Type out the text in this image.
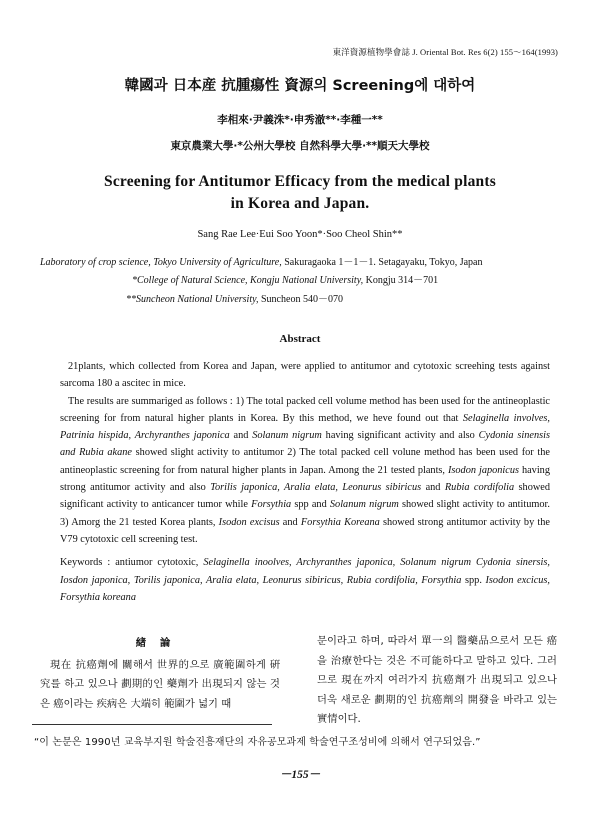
東洋資源植物學會誌 J. Oriental Bot. Res 6(2) 155～164(1993)
韓國과 日本産 抗腫瘍性 資源의 Screening에 대하여
李相來·尹義洙*·申秀澈**·李種一**
東京農業大學·*公州大學校 自然科學大學·**順天大學校
Screening for Antitumor Efficacy from the medical plants
in Korea and Japan.
Sang Rae Lee·Eui Soo Yoon*·Soo Cheol Shin**
Laboratory of crop science, Tokyo University of Agriculture, Sakuragaoka 1－1－1. Setagayaku, Tokyo, Japan
*College of Natural Science, Kongju National University, Kongju 314－701
**Suncheon National University, Suncheon 540－070
Abstract

21plants, which collected from Korea and Japan, were applied to antitumor and cytotoxic screehing tests against sarcoma 180 a ascitec in mice.

The results are summariged as follows : 1) The total packed cell volume method has been used for the antineoplastic screening for from natural higher plants in Korea. By this method, we heve found out that Selaginella involves, Patrinia hispida, Archyranthes japonica and Solanum nigrum having significant activity and also Cydonia sinensis and Rubia akane showed slight activity to antitumor 2) The total packed cell volune method has been used for the antineoplastic screening for from natural higher plants in Japan. Among the 21 tested plants, Isodon japonicus having strong antitumor activity and also Torilis japonica, Aralia elata, Leonurus sibiricus and Rubia cordifolia showed significant activity to anticancer tumor while Forsythia spp and Solanum nigrum showed slight activity to antitumor. 3) Amorg the 21 tested Korea plants, Isodon excisus and Forsythia Koreana showed strong antitumor activity by the V79 cytotoxic cell screening test.

Keywords : antiumor cytotoxic, Selaginella inoolves, Archyranthes japonica, Solanum nigrum Cydonia sinersis, Iosdon japonica, Torilis japonica, Aralia elata, Leonurus sibiricus, Rubia cordifolia, Forsythia spp. Isodon excicus, Forsythia koreana

緖論
現在 抗癌劑에 關해서 世界的으로 廣範圍하게 硏究를 하고 있으나 劃期的인 藥劑가 出現되지 않는 것은 癌이라는 疾病은 大端히 範圍가 넓기 때
문이라고 하며, 따라서 單一의 醫藥品으로서 모든 癌을 治療한다는 것은 不可能하다고 말하고 있다. 그러므로 現在까지 여러가지 抗癌劑가 出現되고 있으나 더욱 새로운 劃期的인 抗癌劑의 開發을 바라고 있는 實情이다.
“이 논문은 1990년 교육부지원 학술진흥재단의 자유공모과제 학술연구조성비에 의해서 연구되었음.”
－155－
